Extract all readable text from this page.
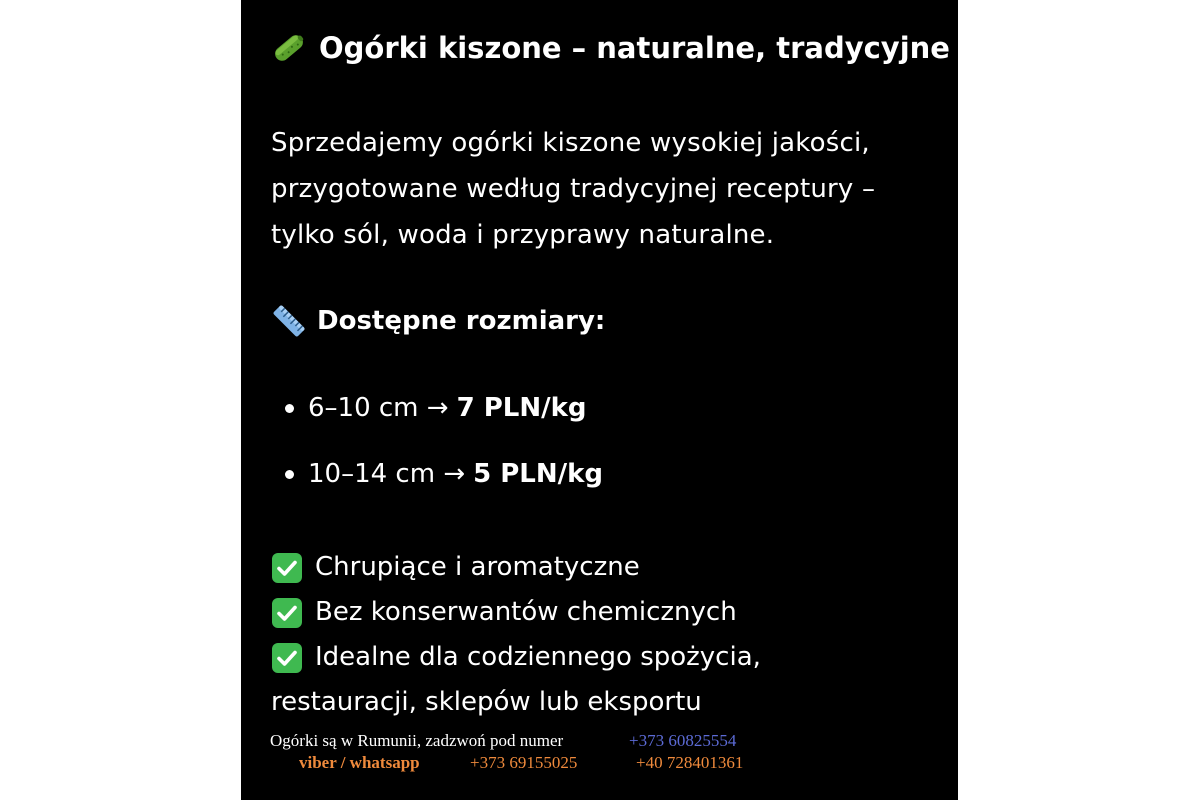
Ogórki kiszone – naturalne, tradycyjne
Sprzedajemy ogórki kiszone wysokiej jakości,
przygotowane według tradycyjnej receptury –
tylko sól, woda i przyprawy naturalne.
Dostępne rozmiary:
6–10 cm → 7 PLN/kg
10–14 cm → 5 PLN/kg
Chrupiące i aromatyczne
Bez konserwantów chemicznych
Idealne dla codziennego spożycia,
restauracji, sklepów lub eksportu
Ogórki są w Rumunii, zadzwoń pod numer	+373 60825554
viber / whatsapp	+373 69155025	+40 728401361
